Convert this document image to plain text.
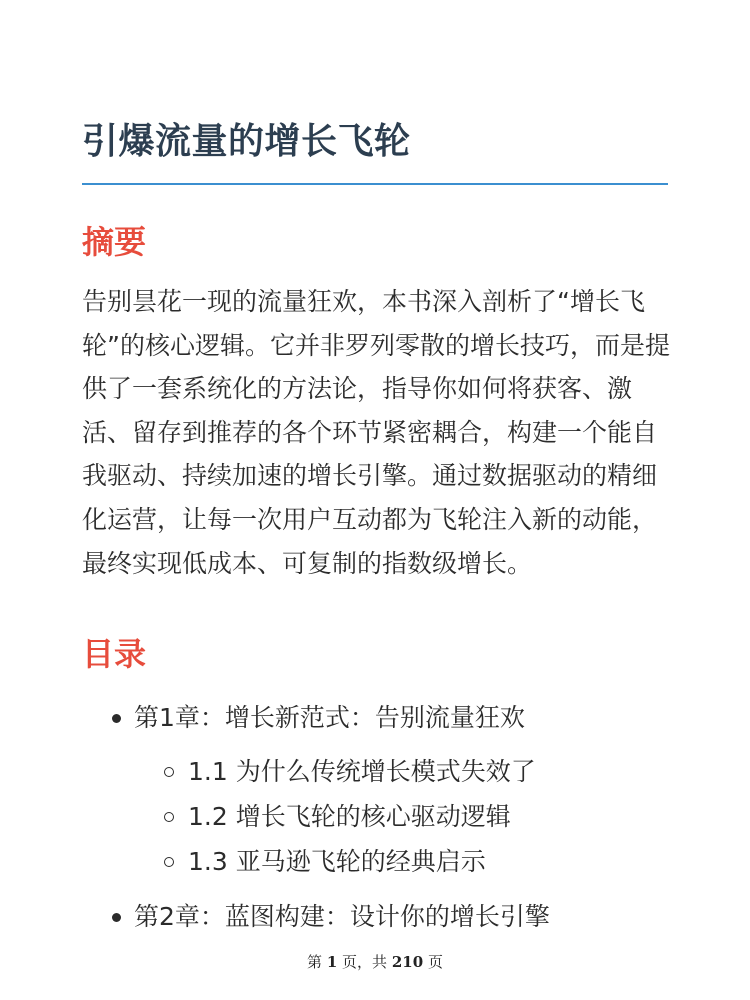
引爆流量的增长飞轮
摘要

告别昙花一现的流量狂欢，本书深入剖析了“增长飞轮”的核心逻辑。它并非罗列零散的增长技巧，而是提供了一套系统化的方法论，指导你如何将获客、激活、留存到推荐的各个环节紧密耦合，构建一个能自我驱动、持续加速的增长引擎。通过数据驱动的精细化运营，让每一次用户互动都为飞轮注入新的动能，最终实现低成本、可复制的指数级增长。

目录
第1章：增长新范式：告别流量狂欢
1.1 为什么传统增长模式失效了
1.2 增长飞轮的核心驱动逻辑
1.3 亚马逊飞轮的经典启示
第2章：蓝图构建：设计你的增长引擎
第 1 页，共 210 页
